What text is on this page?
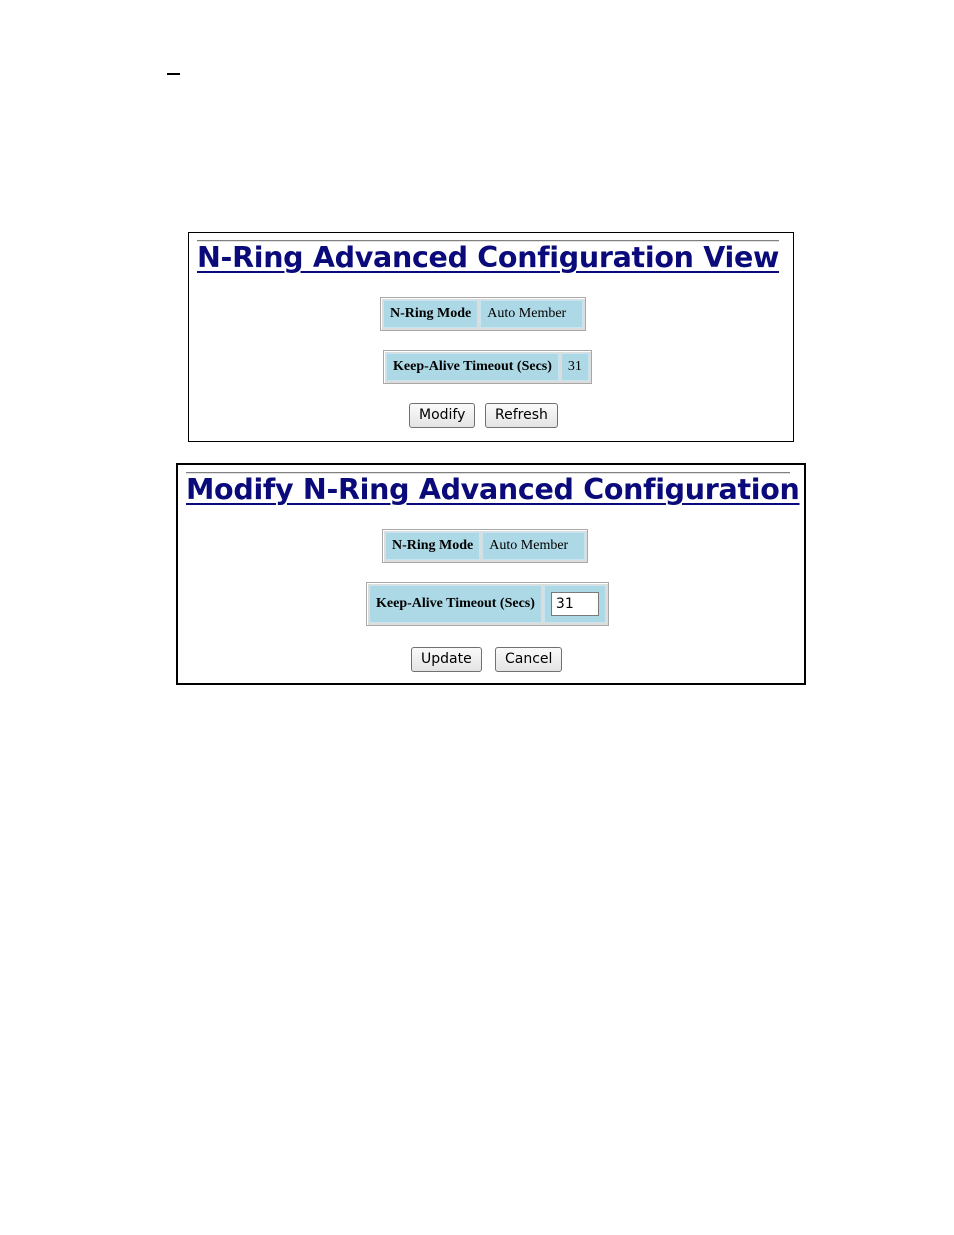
N-Ring Advanced Configuration View
N-Ring Mode	Auto Member
Keep-Alive Timeout (Secs)	31
Modify	Refresh
Modify N-Ring Advanced Configuration
N-Ring Mode	Auto Member
Keep-Alive Timeout (Secs)	31
Update	Cancel
